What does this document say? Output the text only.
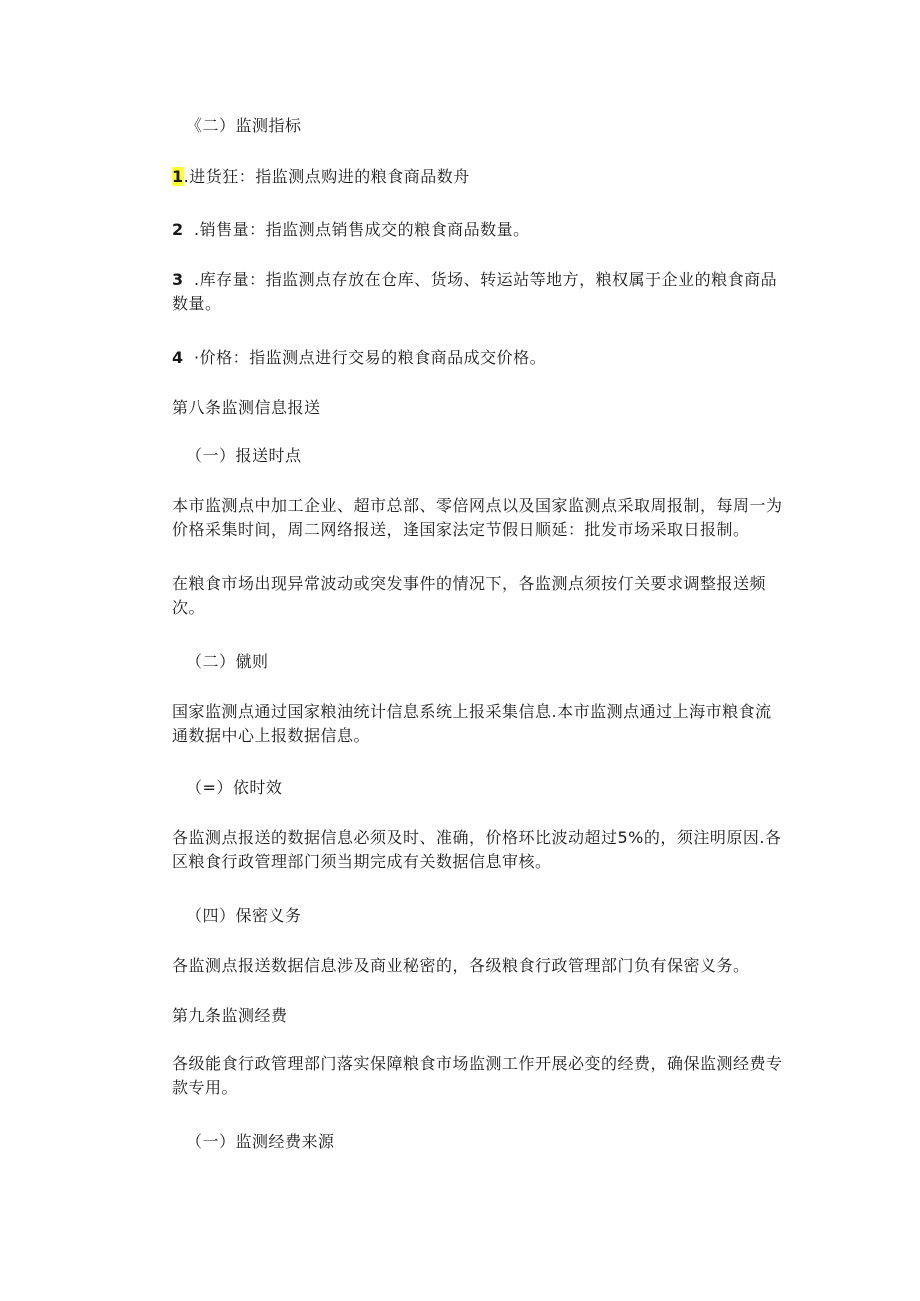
《二）监测指标

1.进货狂：指监测点购进的粮食商品数舟

2 .销售量：指监测点销售成交的粮食商品数量。

3 .库存量：指监测点存放在仓库、货场、转运站等地方，粮权属于企业的粮食商品数量。

4 ·价格：指监测点进行交易的粮食商品成交价格。

第八条监测信息报送

（一）报送时点

本市监测点中加工企业、超市总部、零倍网点以及国家监测点采取周报制，每周一为价格采集时间，周二网络报送，逢国家法定节假日顺延：批发市场采取日报制。

在粮食市场出现异常波动或突发事件的情况下，各监测点须按仃关要求调整报送频次。

（二）僦则

国家监测点通过国家粮油统计信息系统上报采集信息.本市监测点通过上海市粮食流通数据中心上报数据信息。

（=）依时效

各监测点报送的数据信息必须及时、准确，价格环比波动超过5%的，须注明原因.各区粮食行政管理部门须当期完成有关数据信息审核。

（四）保密义务

各监测点报送数据信息涉及商业秘密的，各级粮食行政管理部门负有保密义务。

第九条监测经费

各级能食行政管理部门落实保障粮食市场监测工作开展必变的经费，确保监测经费专款专用。

（一）监测经费来源
